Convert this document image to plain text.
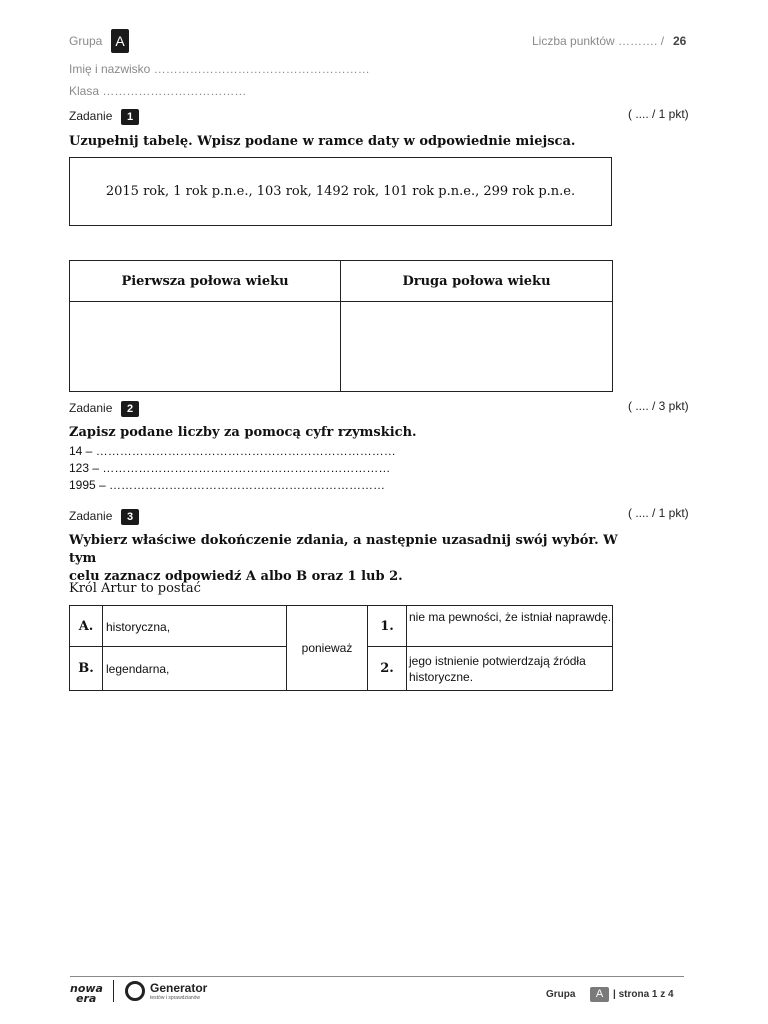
Grupa A	Liczba punktów ………. / 26
Imię i nazwisko ………………………………………………
Klasa ………………………………
Zadanie	1	( .... / 1 pkt)
Uzupełnij tabelę. Wpisz podane w ramce daty w odpowiednie miejsca.
2015 rok, 1 rok p.n.e., 103 rok, 1492 rok, 101 rok p.n.e., 299 rok p.n.e.
Pierwsza połowa wieku	Druga połowa wieku

Zadanie	2	( .... / 3 pkt)
Zapisz podane liczby za pomocą cyfr rzymskich.
14 – …………………………………………………………………
123 – ………………………………………………………………
1995 – ……………………………………………………………
Zadanie	3	( .... / 1 pkt)
Wybierz właściwe dokończenie zdania, a następnie uzasadnij swój wybór. W tym
celu zaznacz odpowiedź A albo B oraz 1 lub 2.
Król Artur to postać
A.	historyczna,	ponieważ	1.	nie ma pewności, że istniał naprawdę.
B.	legendarna,		2.	jego istnienie potwierdzają źródła historyczne.
nowa
era
Generator
testów i sprawdzianów	Grupa	A | strona 1 z 4
